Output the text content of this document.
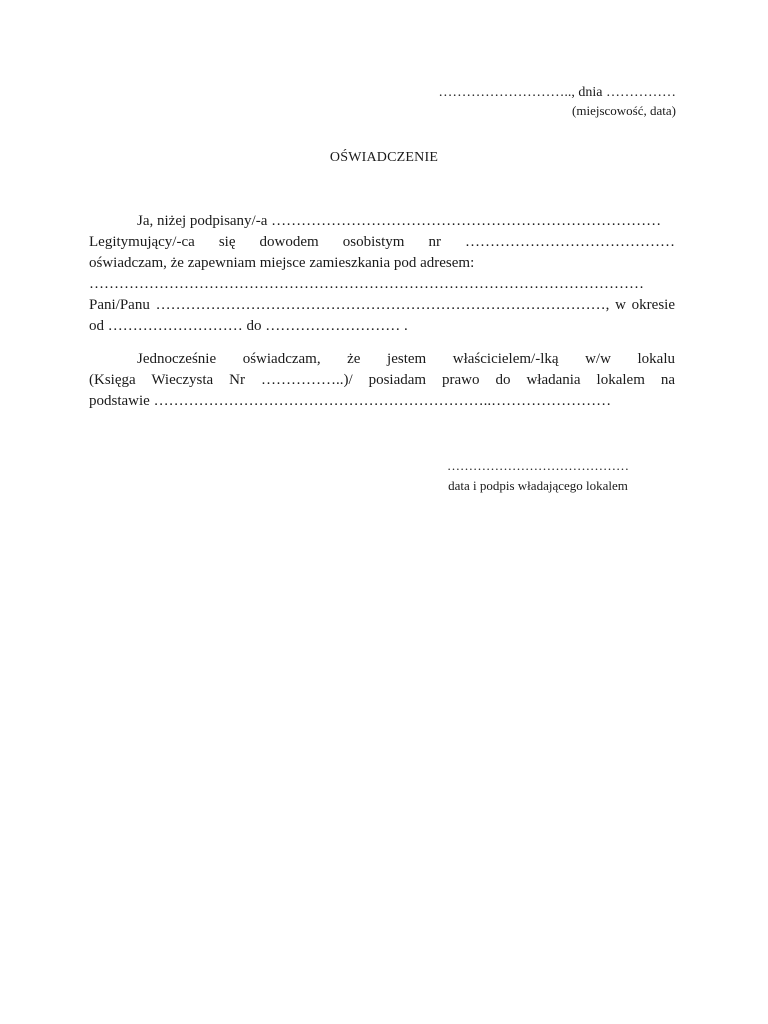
……………………….., dnia ……………
(miejscowość, data)
OŚWIADCZENIE
Ja, niżej podpisany/-a ……………………………………………………………………
Legitymujący/-ca się dowodem osobistym nr ……………………………………
oświadczam, że zapewniam miejsce zamieszkania pod adresem:
…………………………………………………………………………………………………
Pani/Panu ………………………………………………………………………………, w okresie
od ……………………… do ……………………… .
Jednocześnie oświadczam, że jestem właścicielem/-lką w/w lokalu
(Księga Wieczysta Nr ……………..)/ posiadam prawo do władania lokalem na
podstawie …………………………………………………………..……………………
……………………………………
data i podpis władającego lokalem
